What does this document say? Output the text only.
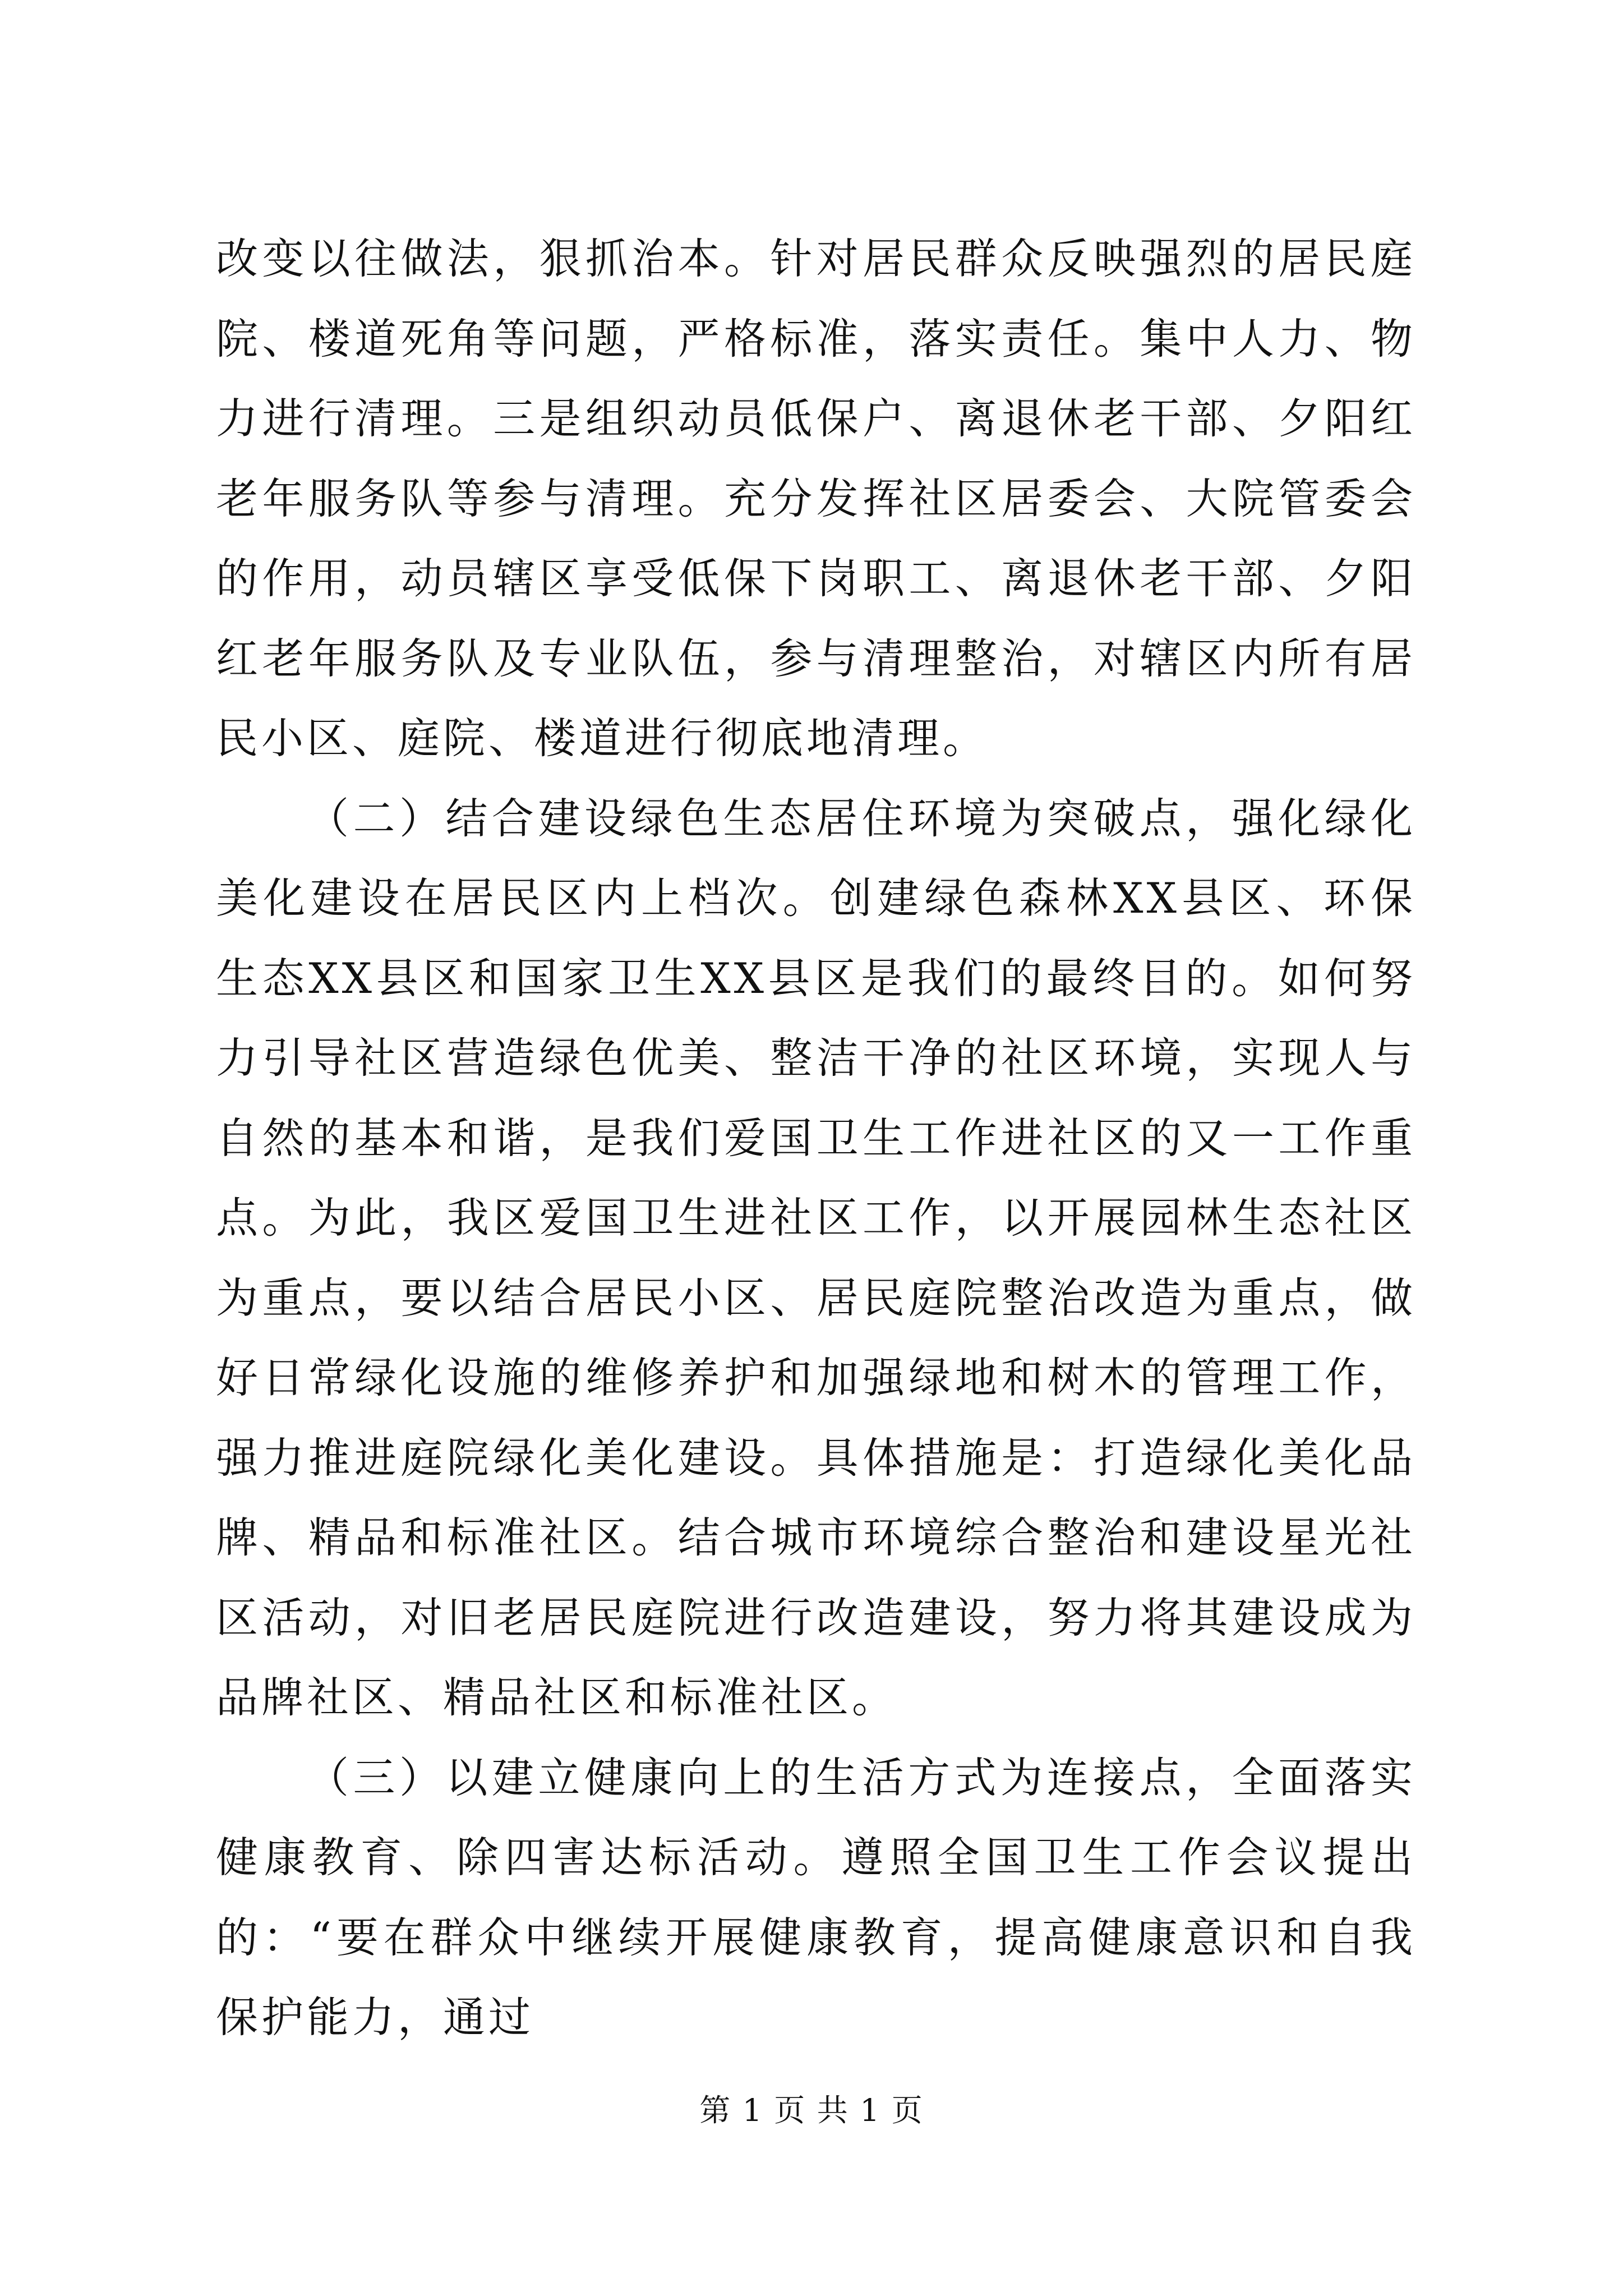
改变以往做法，狠抓治本。针对居民群众反映强烈的居民庭院、楼道死角等问题，严格标准，落实责任。集中人力、物力进行清理。三是组织动员低保户、离退休老干部、夕阳红老年服务队等参与清理。充分发挥社区居委会、大院管委会的作用，动员辖区享受低保下岗职工、离退休老干部、夕阳红老年服务队及专业队伍，参与清理整治，对辖区内所有居民小区、庭院、楼道进行彻底地清理。

（二）结合建设绿色生态居住环境为突破点，强化绿化美化建设在居民区内上档次。创建绿色森林XX县区、环保生态XX县区和国家卫生XX县区是我们的最终目的。如何努力引导社区营造绿色优美、整洁干净的社区环境，实现人与自然的基本和谐，是我们爱国卫生工作进社区的又一工作重点。为此，我区爱国卫生进社区工作，以开展园林生态社区为重点，要以结合居民小区、居民庭院整治改造为重点，做好日常绿化设施的维修养护和加强绿地和树木的管理工作，强力推进庭院绿化美化建设。具体措施是：打造绿化美化品牌、精品和标准社区。结合城市环境综合整治和建设星光社区活动，对旧老居民庭院进行改造建设，努力将其建设成为品牌社区、精品社区和标准社区。

（三）以建立健康向上的生活方式为连接点，全面落实健康教育、除四害达标活动。遵照全国卫生工作会议提出的：“要在群众中继续开展健康教育，提高健康意识和自我保护能力，通过

第 1 页 共 1 页
